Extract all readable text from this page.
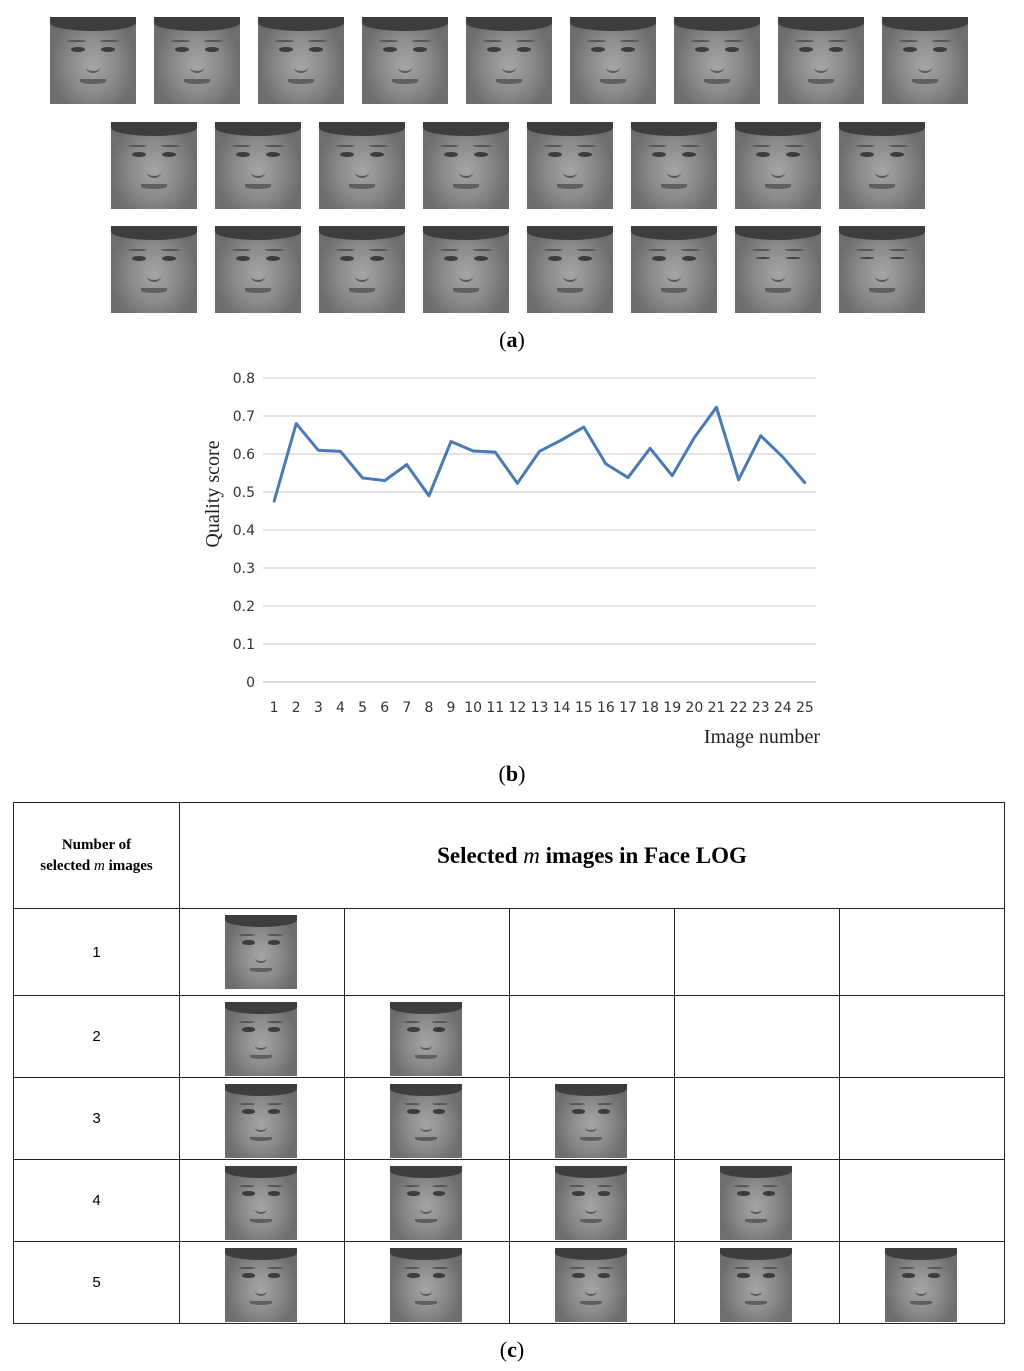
(a)
0
0.1
0.2
0.3
0.4
0.5
0.6
0.7
0.8
1 2 3 4 5 6 7 8 9 10 11 12 13 14 15 16 17 18 19 20 21 22 23 24 25
Image number
Quality score
(b)
Number of
selected m images	Selected m images in Face LOG				
1	

2	

3	

4	

5	

(c)
